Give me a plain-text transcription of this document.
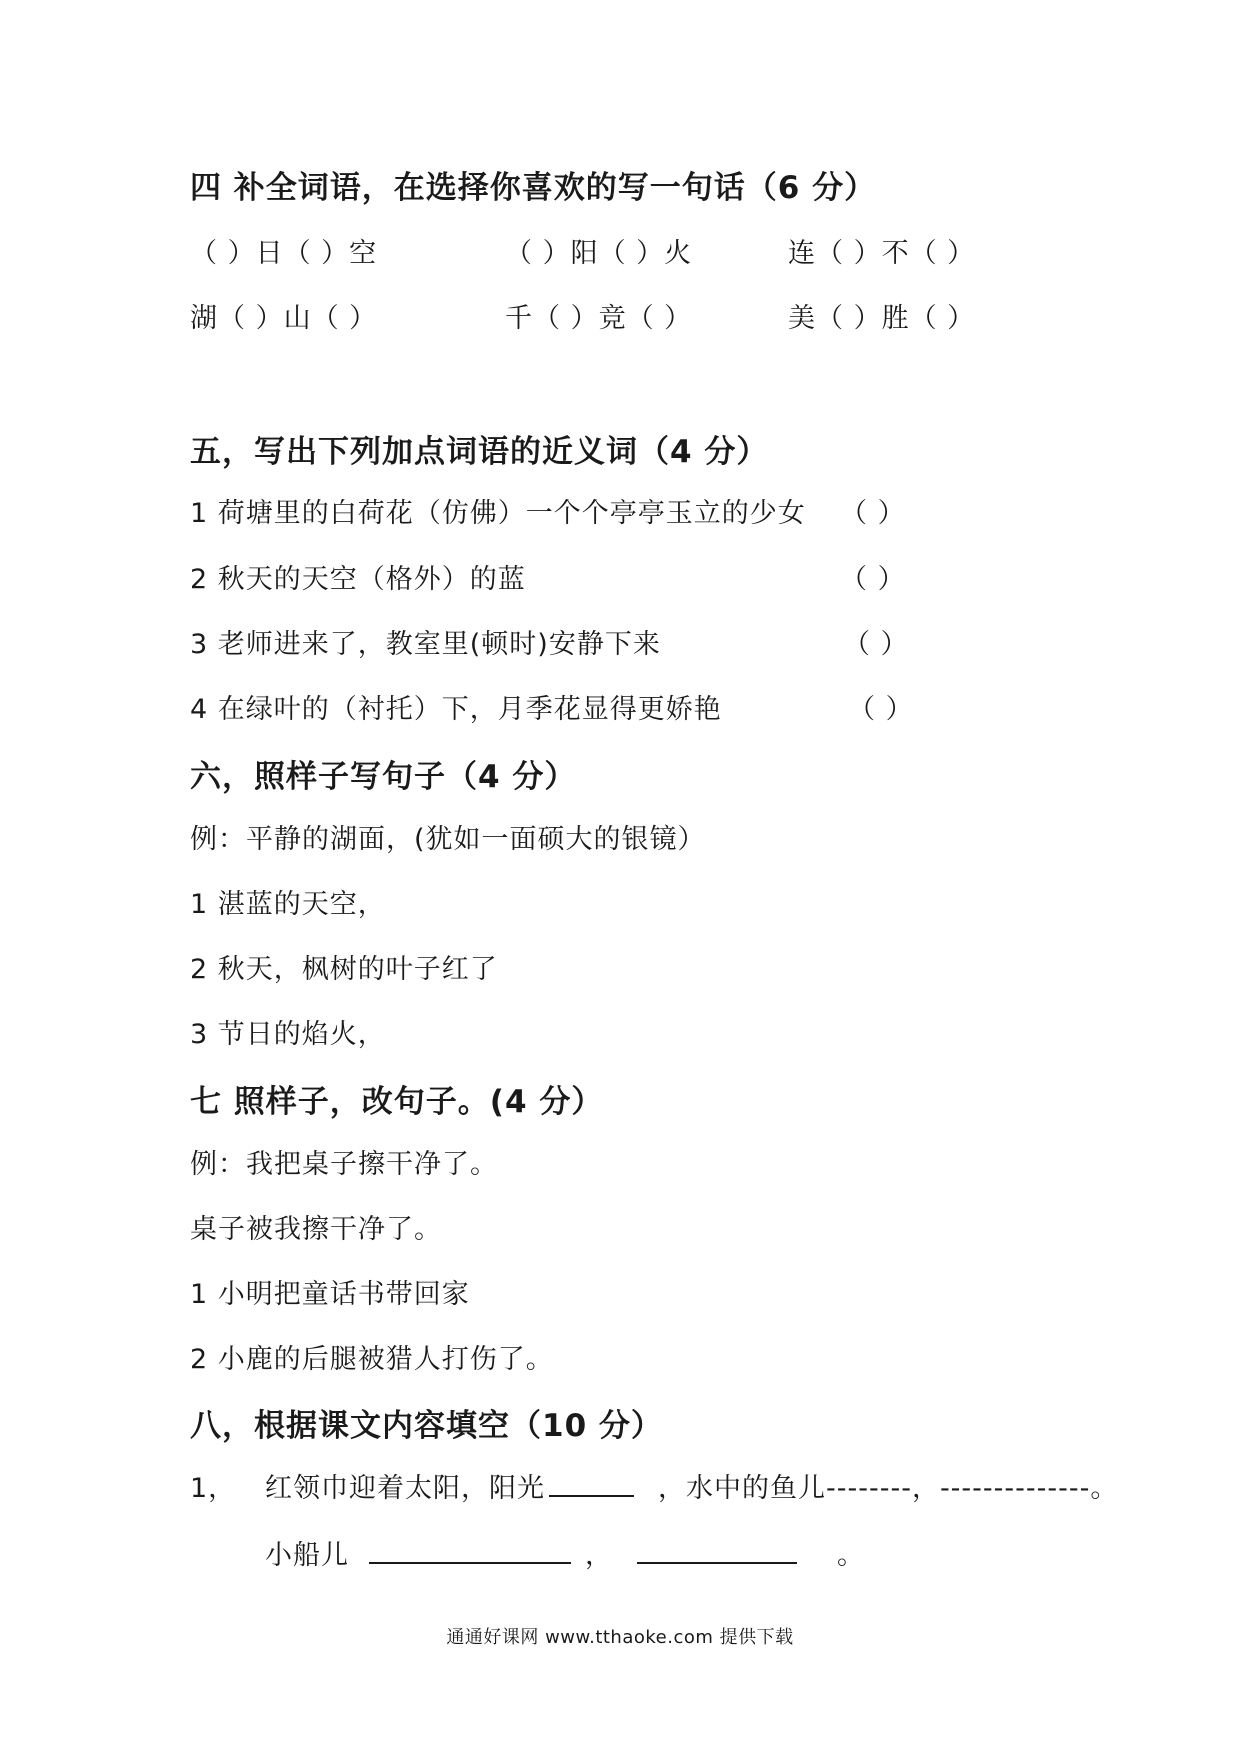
四 补全词语，在选择你喜欢的写一句话（6 分）
（ ）日（ ）空	（ ）阳（ ）火	连（ ）不（ ）
湖（ ）山（ ）	千（ ）竞（ ）	美（ ）胜（ ）
五，写出下列加点词语的近义词（4 分）
1 荷塘里的白荷花（仿佛）一个个亭亭玉立的少女 （ ）
2 秋天的天空（格外）的蓝	（ ）
3 老师进来了，教室里(顿时)安静下来	（ ）
4 在绿叶的（衬托）下，月季花显得更娇艳	（ ）
六，照样子写句子（4 分）
例：平静的湖面，(犹如一面硕大的银镜）
1 湛蓝的天空，
2 秋天，枫树的叶子红了
3 节日的焰火，
七 照样子，改句子。(4 分）
例：我把桌子擦干净了。
桌子被我擦干净了。
1 小明把童话书带回家
2 小鹿的后腿被猎人打伤了。
八，根据课文内容填空（10 分）
1， 红领巾迎着太阳，阳光	，水中的鱼儿--------，--------------。
小船儿	，	。
通通好课网 www.tthaoke.com 提供下载
